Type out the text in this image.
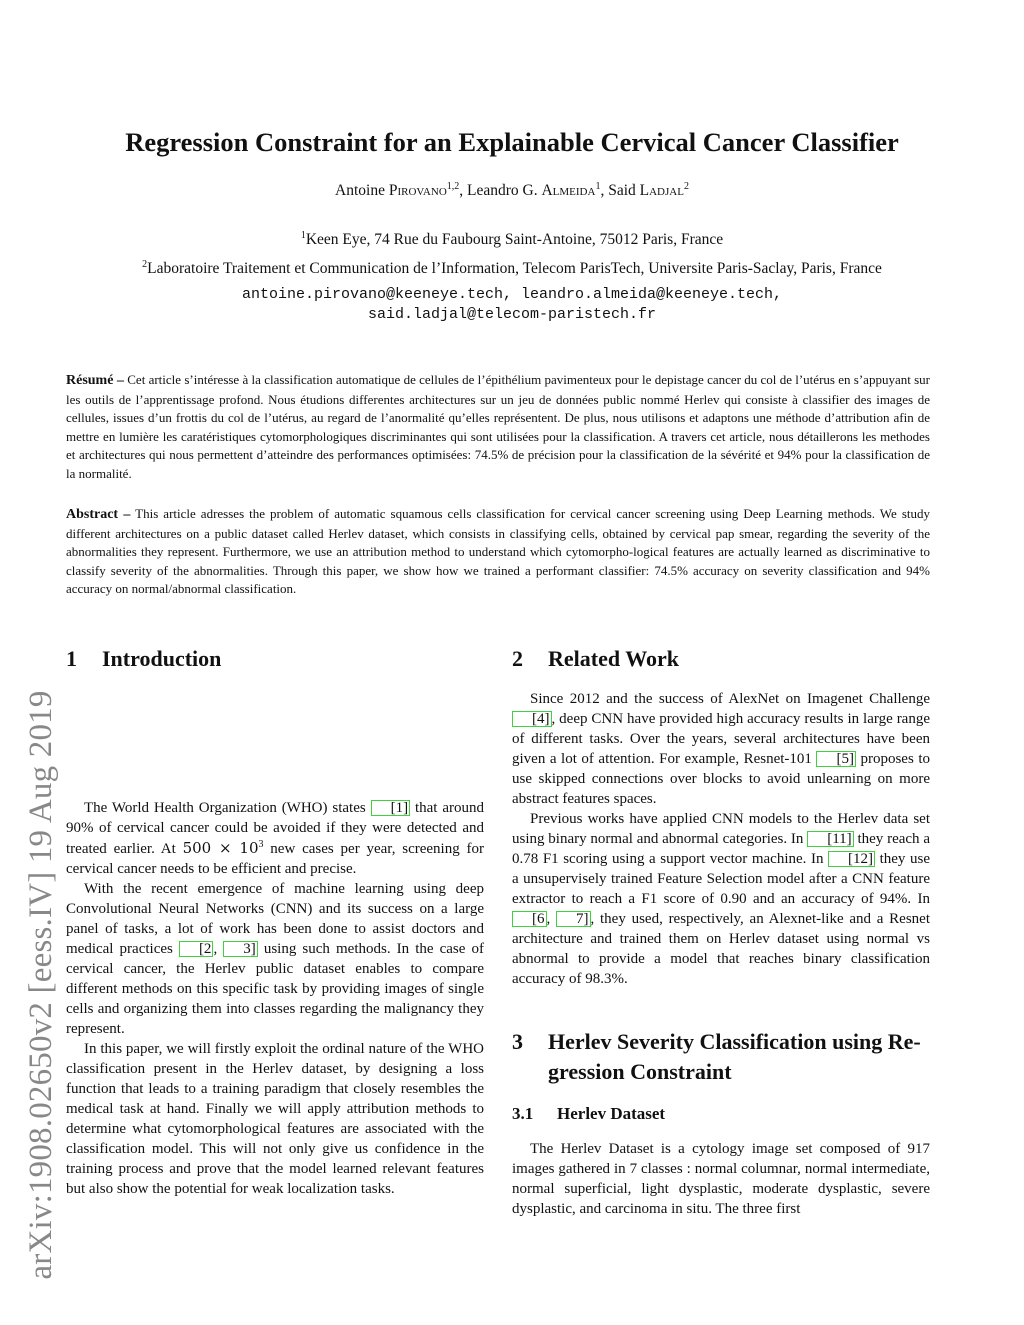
arXiv:1908.02650v2 [eess.IV] 19 Aug 2019
Regression Constraint for an Explainable Cervical Cancer Classifier
Antoine Pirovano$^{1,2}$, Leandro G. Almeida$^1$, Said Ladjal$^2$
$^1$Keen Eye, 74 Rue du Faubourg Saint-Antoine, 75012 Paris, France
$^2$Laboratoire Traitement et Communication de l’Information, Telecom ParisTech, Universite Paris-Saclay, Paris, France
antoine.pirovano@keeneye.tech, leandro.almeida@keeneye.tech,
said.ladjal@telecom-paristech.fr
Résumé – Cet article s’intéresse à la classification automatique de cellules de l’épithélium pavimenteux pour le depistage cancer du col de l’utérus en s’appuyant sur les outils de l’apprentissage profond. Nous étudions differentes architectures sur un jeu de données public nommé Herlev qui consiste à classifier des images de cellules, issues d’un frottis du col de l’utérus, au regard de l’anormalité qu’elles représentent. De plus, nous utilisons et adaptons une méthode d’attribution afin de mettre en lumière les caratéristiques cytomorphologiques discriminantes qui sont utilisées pour la classification. A travers cet article, nous détaillerons les methodes et architectures qui nous permettent d’atteindre des performances optimisées: 74.5% de précision pour la classification de la sévérité et 94% pour la classification de la normalité.
Abstract – This article adresses the problem of automatic squamous cells classification for cervical cancer screening using Deep Learning methods. We study different architectures on a public dataset called Herlev dataset, which consists in classifying cells, obtained by cervical pap smear, regarding the severity of the abnormalities they represent. Furthermore, we use an attribution method to understand which cytomorpho-logical features are actually learned as discriminative to classify severity of the abnormalities. Through this paper, we show how we trained a performant classifier: 74.5% accuracy on severity classification and 94% accuracy on normal/abnormal classification.
1 Introduction

The World Health Organization (WHO) states [1] that around 90% of cervical cancer could be avoided if they were detected and treated earlier. At $500 \times 10^3$ new cases per year, screening for cervical cancer needs to be efficient and precise.

With the recent emergence of machine learning using deep Convolutional Neural Networks (CNN) and its success on a large panel of tasks, a lot of work has been done to assist doctors and medical practices [2 , 3] using such methods. In the case of cervical cancer, the Herlev public dataset enables to compare different methods on this specific task by providing images of single cells and organizing them into classes regarding the malignancy they represent.

In this paper, we will firstly exploit the ordinal nature of the WHO classification present in the Herlev dataset, by designing a loss function that leads to a training paradigm that closely resembles the medical task at hand. Finally we will apply attribution methods to determine what cytomorphological features are associated with the classification model. This will not only give us confidence in the training process and prove that the model learned relevant features but also show the potential for weak localization tasks.

2 Related Work

Since 2012 and the success of AlexNet on Imagenet Challenge [4] , deep CNN have provided high accuracy results in large range of different tasks. Over the years, several architectures have been given a lot of attention. For example, Resnet-101 [5] proposes to use skipped connections over blocks to avoid unlearning on more abstract features spaces.

Previous works have applied CNN models to the Herlev data set using binary normal and abnormal categories. In [11] they reach a 0.78 F1 scoring using a support vector machine. In [12] they use a unsupervisely trained Feature Selection model after a CNN feature extractor to reach a F1 score of 0.90 and an accuracy of 94%. In [6 , 7] , they used, respectively, an Alexnet-like and a Resnet architecture and trained them on Herlev dataset using normal vs abnormal to provide a model that reaches binary classification accuracy of 98.3%.

3 Herlev Severity Classification using Re-
gression Constraint
3.1 Herlev Dataset

The Herlev Dataset is a cytology image set composed of 917 images gathered in 7 classes : normal columnar, normal intermediate, normal superficial, light dysplastic, moderate dysplastic, severe dysplastic, and carcinoma in situ. The three first
